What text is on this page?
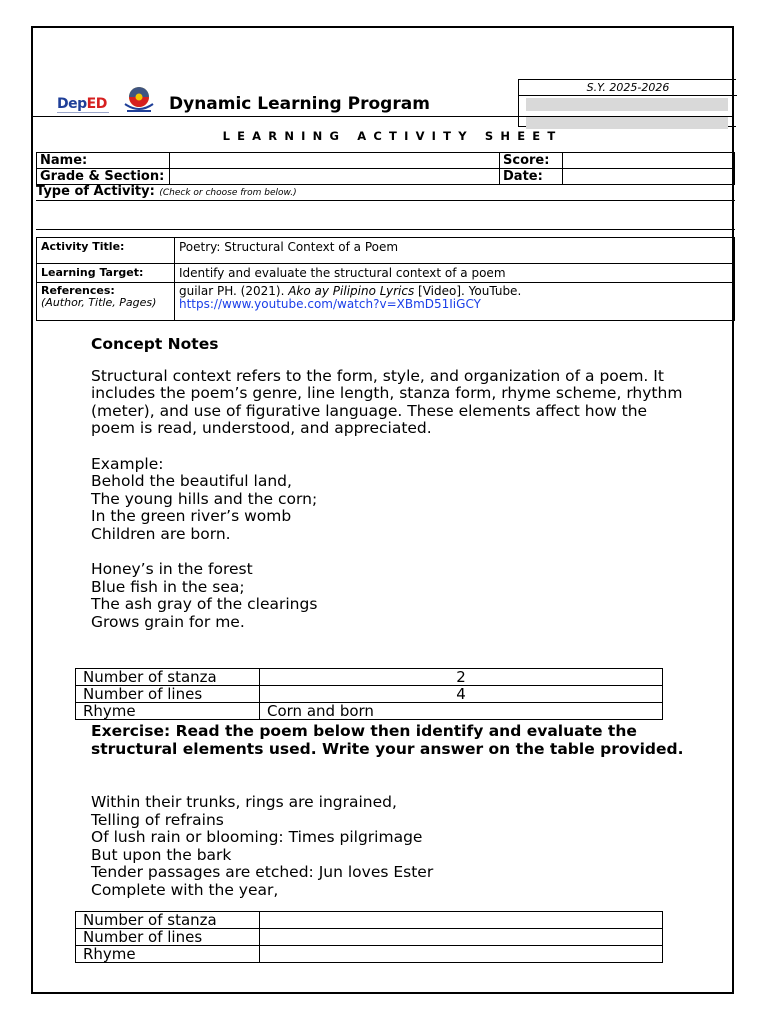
DepED	Dynamic Learning Program
S.Y. 2025-2026
LEARNING ACTIVITY SHEET
Name:		Score:	
Grade & Section:		Date:	
Type of Activity: (Check or choose from below.)
Activity Title:	Poetry: Structural Context of a Poem
Learning Target:	Identify and evaluate the structural context of a poem
References:
(Author, Title, Pages)	guilar PH. (2021). Ako ay Pilipino Lyrics [Video]. YouTube.
https://www.youtube.com/watch?v=XBmD51IiGCY

Concept Notes

Structural context refers to the form, style, and organization of a poem. It includes the poem’s genre, line length, stanza form, rhyme scheme, rhythm (meter), and use of figurative language. These elements affect how the poem is read, understood, and appreciated.

Example:

Behold the beautiful land,

The young hills and the corn;

In the green river’s womb

Children are born.

Honey’s in the forest

Blue fish in the sea;

The ash gray of the clearings

Grows grain for me.

Number of stanza	2
Number of lines	4
Rhyme	Corn and born
Exercise: Read the poem below then identify and evaluate the structural elements used. Write your answer on the table provided.
Within their trunks, rings are ingrained,
Telling of refrains
Of lush rain or blooming: Times pilgrimage
But upon the bark
Tender passages are etched: Jun loves Ester
Complete with the year,
Number of stanza	
Number of lines	
Rhyme	
